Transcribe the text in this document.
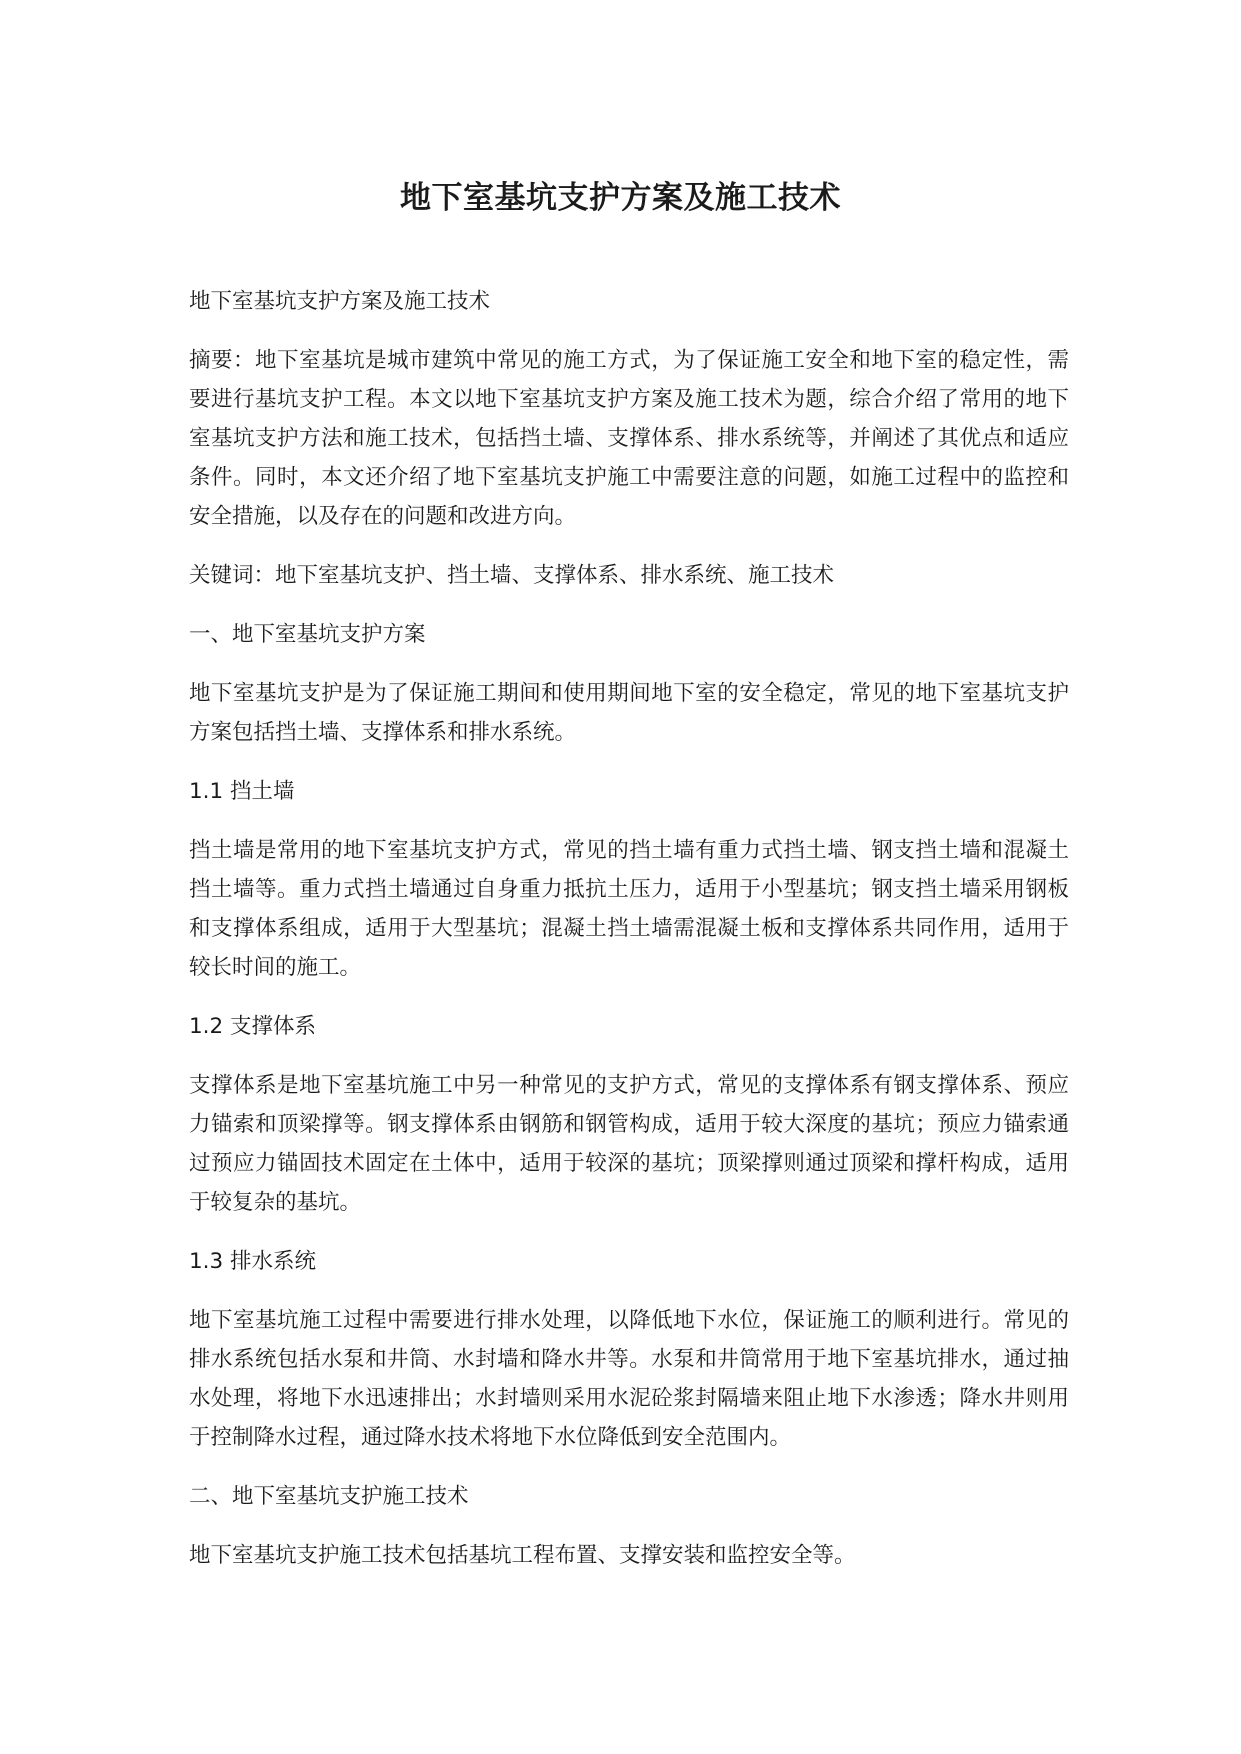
地下室基坑支护方案及施工技术

地下室基坑支护方案及施工技术

摘要：地下室基坑是城市建筑中常见的施工方式，为了保证施工安全和地下室的稳定性，需要进行基坑支护工程。本文以地下室基坑支护方案及施工技术为题，综合介绍了常用的地下室基坑支护方法和施工技术，包括挡土墙、支撑体系、排水系统等，并阐述了其优点和适应条件。同时，本文还介绍了地下室基坑支护施工中需要注意的问题，如施工过程中的监控和安全措施，以及存在的问题和改进方向。

关键词：地下室基坑支护、挡土墙、支撑体系、排水系统、施工技术

一、地下室基坑支护方案

地下室基坑支护是为了保证施工期间和使用期间地下室的安全稳定，常见的地下室基坑支护方案包括挡土墙、支撑体系和排水系统。

1.1 挡土墙

挡土墙是常用的地下室基坑支护方式，常见的挡土墙有重力式挡土墙、钢支挡土墙和混凝土挡土墙等。重力式挡土墙通过自身重力抵抗土压力，适用于小型基坑；钢支挡土墙采用钢板和支撑体系组成，适用于大型基坑；混凝土挡土墙需混凝土板和支撑体系共同作用，适用于较长时间的施工。

1.2 支撑体系

支撑体系是地下室基坑施工中另一种常见的支护方式，常见的支撑体系有钢支撑体系、预应力锚索和顶梁撑等。钢支撑体系由钢筋和钢管构成，适用于较大深度的基坑；预应力锚索通过预应力锚固技术固定在土体中，适用于较深的基坑；顶梁撑则通过顶梁和撑杆构成，适用于较复杂的基坑。

1.3 排水系统

地下室基坑施工过程中需要进行排水处理，以降低地下水位，保证施工的顺利进行。常见的排水系统包括水泵和井筒、水封墙和降水井等。水泵和井筒常用于地下室基坑排水，通过抽水处理，将地下水迅速排出；水封墙则采用水泥砼浆封隔墙来阻止地下水渗透；降水井则用于控制降水过程，通过降水技术将地下水位降低到安全范围内。

二、地下室基坑支护施工技术

地下室基坑支护施工技术包括基坑工程布置、支撑安装和监控安全等。
